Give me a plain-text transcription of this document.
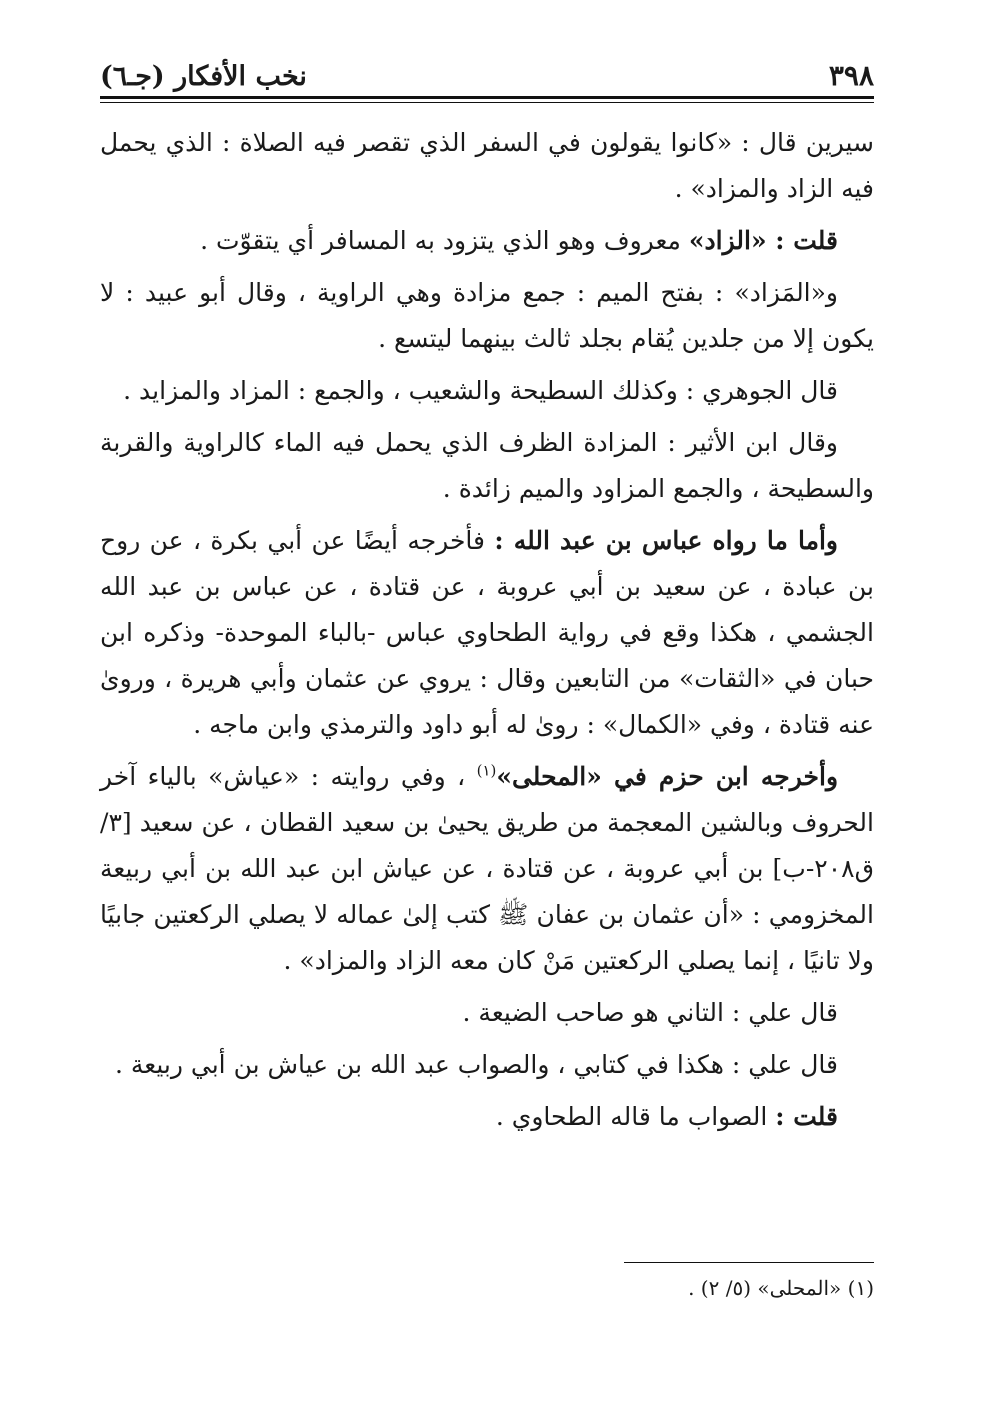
٣٩٨
نخب الأفكار (جـ٦)

سيرين قال : «كانوا يقولون في السفر الذي تقصر فيه الصلاة : الذي يحمل فيه الزاد والمزاد» .

قلت : «الزاد» معروف وهو الذي يتزود به المسافر أي يتقوّت .

و«المَزاد» : بفتح الميم : جمع مزادة وهي الراوية ، وقال أبو عبيد : لا يكون إلا من جلدين يُقام بجلد ثالث بينهما ليتسع .

قال الجوهري : وكذلك السطيحة والشعيب ، والجمع : المزاد والمزايد .

وقال ابن الأثير : المزادة الظرف الذي يحمل فيه الماء كالراوية والقربة والسطيحة ، والجمع المزاود والميم زائدة .

وأما ما رواه عباس بن عبد الله : فأخرجه أيضًا عن أبي بكرة ، عن روح بن عبادة ، عن سعيد بن أبي عروبة ، عن قتادة ، عن عباس بن عبد الله الجشمي ، هكذا وقع في رواية الطحاوي عباس -بالباء الموحدة- وذكره ابن حبان في «الثقات» من التابعين وقال : يروي عن عثمان وأبي هريرة ، وروىٰ عنه قتادة ، وفي «الكمال» : روىٰ له أبو داود والترمذي وابن ماجه .

وأخرجه ابن حزم في «المحلى»$^{(١)}$ ، وفي روايته : «عياش» بالياء آخر الحروف وبالشين المعجمة من طريق يحيىٰ بن سعيد القطان ، عن سعيد [٣/ق٢٠٨-ب] بن أبي عروبة ، عن قتادة ، عن عياش ابن عبد الله بن أبي ربيعة المخزومي : «أن عثمان بن عفان ﷺ كتب إلىٰ عماله لا يصلي الركعتين جابيًا ولا تانيًا ، إنما يصلي الركعتين مَنْ كان معه الزاد والمزاد» .

قال علي : التاني هو صاحب الضيعة .

قال علي : هكذا في كتابي ، والصواب عبد الله بن عياش بن أبي ربيعة .

قلت : الصواب ما قاله الطحاوي .

(١) «المحلى» (٥/ ٢) .
